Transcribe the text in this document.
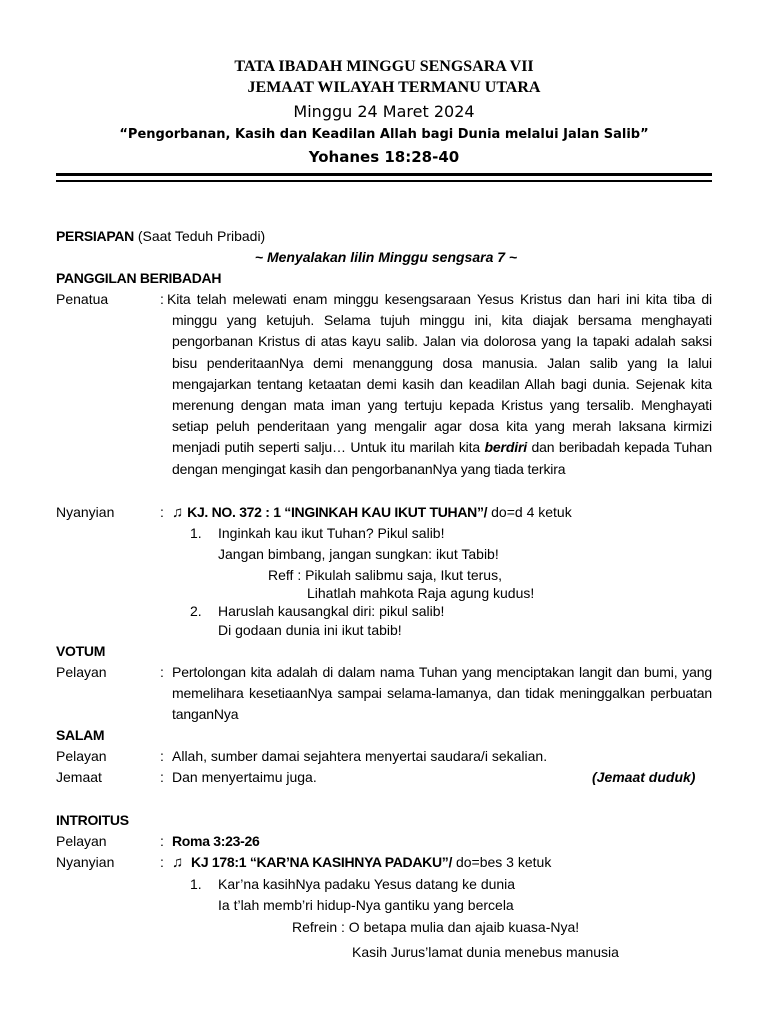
TATA IBADAH MINGGU SENGSARA VII
JEMAAT WILAYAH TERMANU UTARA
Minggu 24 Maret 2024
“Pengorbanan, Kasih dan Keadilan Allah bagi Dunia melalui Jalan Salib”
Yohanes 18:28-40
PERSIAPAN (Saat Teduh Pribadi)
~ Menyalakan lilin Minggu sengsara 7 ~
PANGGILAN BERIBADAH
Penatua	: Kita telah melewati enam minggu kesengsaraan Yesus Kristus dan hari ini kita tiba di minggu yang ketujuh. Selama tujuh minggu ini, kita diajak bersama menghayati pengorbanan Kristus di atas kayu salib. Jalan via dolorosa yang Ia tapaki adalah saksi bisu penderitaanNya demi menanggung dosa manusia. Jalan salib yang Ia lalui mengajarkan tentang ketaatan demi kasih dan keadilan Allah bagi dunia. Sejenak kita merenung dengan mata iman yang tertuju kepada Kristus yang tersalib. Menghayati setiap peluh penderitaan yang mengalir agar dosa kita yang merah laksana kirmizi menjadi putih seperti salju… Untuk itu marilah kita berdiri dan beribadah kepada Tuhan dengan mengingat kasih dan pengorbananNya yang tiada terkira
Nyanyian	: ♫ KJ. NO. 372 : 1 “INGINKAH KAU IKUT TUHAN”/ do=d 4 ketuk
1. Inginkah kau ikut Tuhan? Pikul salib!
Jangan bimbang, jangan sungkan: ikut Tabib!
Reff : Pikulah salibmu saja, Ikut terus,
Lihatlah mahkota Raja agung kudus!
2. Haruslah kausangkal diri: pikul salib!
Di godaan dunia ini ikut tabib!
VOTUM
Pelayan	: Pertolongan kita adalah di dalam nama Tuhan yang menciptakan langit dan bumi, yang memelihara kesetiaanNya sampai selama-lamanya, dan tidak meninggalkan perbuatan tanganNya
SALAM
Pelayan	: Allah, sumber damai sejahtera menyertai saudara/i sekalian.
Jemaat	: Dan menyertaimu juga.	(Jemaat duduk)
INTROITUS
Pelayan	: Roma 3:23-26
Nyanyian	: ♫ KJ 178:1 “KAR’NA KASIHNYA PADAKU”/ do=bes 3 ketuk
1. Kar’na kasihNya padaku Yesus datang ke dunia
Ia t’lah memb’ri hidup-Nya gantiku yang bercela
Refrein : O betapa mulia dan ajaib kuasa-Nya!
Kasih Jurus’lamat dunia menebus manusia
